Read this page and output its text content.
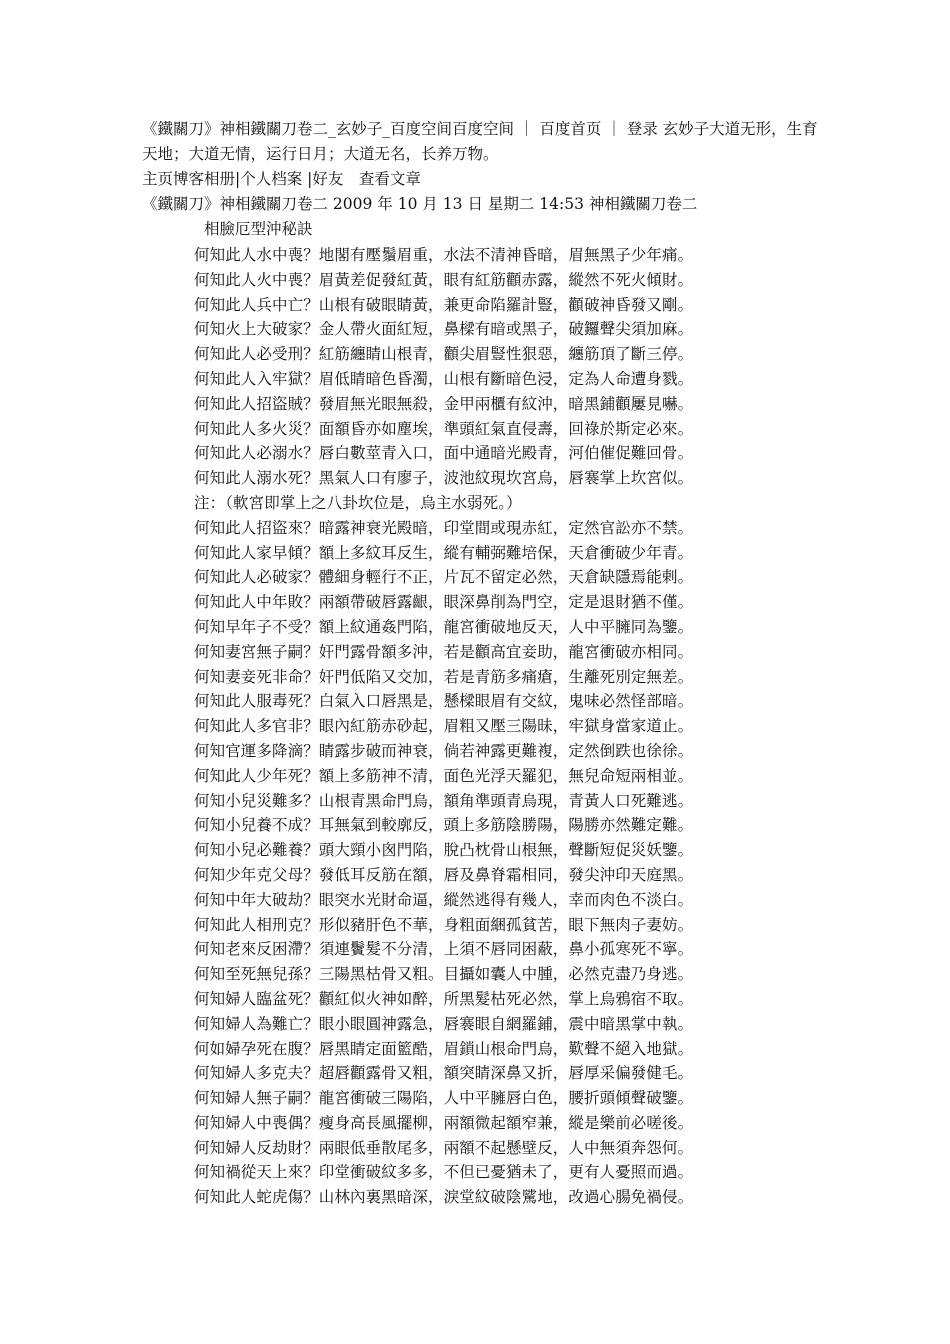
《鐵關刀》神相鐵關刀卷二_玄妙子_百度空间百度空间 ｜ 百度首页 ｜ 登录 玄妙子大道无形，生育天地；大道无情，运行日月；大道无名，长养万物。

主页博客相册|个人档案 |好友　查看文章

《鐵關刀》神相鐵關刀卷二 2009 年 10 月 13 日 星期二 14:53 神相鐵關刀卷二

相臉厄型沖秘訣

何知此人水中喪？地閣有壓鬚眉重，水法不清神昏暗，眉無黑子少年痛。
何知此人火中喪？眉黃差促發紅黃，眼有紅筋顴赤露，縱然不死火傾財。
何知此人兵中亡？山根有破眼睛黃，兼更命陷羅計豎，顴破神昏發又剛。
何知火上大破家？金人帶火面紅短，鼻樑有暗或黑子，破鑼聲尖須加麻。
何知此人必受刑？紅筋纏睛山根青，顴尖眉豎性狠惡，纏筋頂了斷三停。
何知此人入牢獄？眉低睛暗色昏濁，山根有斷暗色浸，定為人命遭身戮。
何知此人招盜賊？發眉無光眼無殺，金甲兩櫃有紋沖，暗黑鋪顴屢見嚇。
何知此人多火災？面額昏亦如塵埃，準頭紅氣直侵壽，回祿於斯定必來。
何知此人必溺水？唇白數莖青入口，面中通暗光殿青，河伯催促難回骨。
何知此人溺水死？黑氣人口有廖子，波池紋現坎宮烏，唇褰掌上坎宮似。
注：（軟宮即掌上之八卦坎位是，烏主水弱死。）
何知此人招盜來？暗露神衰光殿暗，印堂間或現赤紅，定然官訟亦不禁。
何知此人家早傾？額上多紋耳反生，縱有輔弼難培保，天倉衝破少年青。
何知此人必破家？體細身輕行不正，片瓦不留定必然，天倉缺隱焉能剌。
何知此人中年敗？兩額帶破唇露齦，眼深鼻削為門空，定是退財猶不僅。
何知早年子不受？額上紋通姦門陷，龍宮衝破地反天，人中平臃同為鑒。
何知妻宮無子嗣？奸門露骨額多沖，若是顴高宜妾助，龍宮衝破亦相同。
何知妻妾死非命？奸門低陷又交加，若是青筋多痛瘡，生離死別定無差。
何知此人服毒死？白氣入口唇黑是，懸樑眼眉有交紋，鬼味必然怪部暗。
何知此人多官非？眼內紅筋赤砂起，眉粗又壓三陽昧，牢獄身當家道止。
何知官運多降滴？睛露步破而神衰，倘若神露更難複，定然倒跌也徐徐。
何知此人少年死？額上多筋神不清，面色光浮天羅犯，無兒命短兩相並。
何知小兒災難多？山根青黑命門烏，額角準頭青烏現，青黃人口死難逃。
何知小兒養不成？耳無氣到較廓反，頭上多筋陰勝陽，陽勝亦然難定難。
何知小兒必難養？頭大頸小囪門陷，脫凸枕骨山根無，聲斷短促災妖鑒。
何知少年克父母？發低耳反筋在額，唇及鼻脊霜相同，發尖沖印天庭黑。
何知中年大破劫？眼突水光財命逼，縱然逃得有幾人，幸而肉色不淡白。
何知此人相刑克？形似豬肝色不華，身粗面綑孤貧苦，眼下無肉子妻妨。
何知老來反困滯？須連鬢髮不分清，上須不唇同困蔽，鼻小孤寒死不寧。
何知至死無兒孫？三陽黑枯骨又粗。目攝如囊人中腫，必然克盡乃身逃。
何知婦人臨盆死？顴紅似火神如醉，所黑髮枯死必然，掌上烏鴉宿不取。
何知婦人為難亡？眼小眼圓神露急，唇褰眼自網羅鋪，震中暗黑掌中執。
何如婦孕死在腹？唇黑睛定面籃酷，眉鎖山根命門烏，歎聲不絕入地獄。
何知婦人多克夫？超唇顴露骨又粗，額突睛深鼻又折，唇厚采偏發健毛。
何知婦人無子嗣？龍宮衝破三陽陷，人中平臃唇白色，腰折頭傾聲破鑒。
何知婦人中喪偶？瘦身高長風擺柳，兩額微起額窄兼，縱是樂前必嗟後。
何知婦人反劫財？兩眼低垂散尾多，兩額不起懸壁反，人中無須奔怨何。
何知禍從天上來？印堂衝破紋多多，不但已憂猶未了，更有人憂照而過。
何知此人蛇虎傷？山林內裏黑暗深，淚堂紋破陰騭地，改過心腸免禍侵。
